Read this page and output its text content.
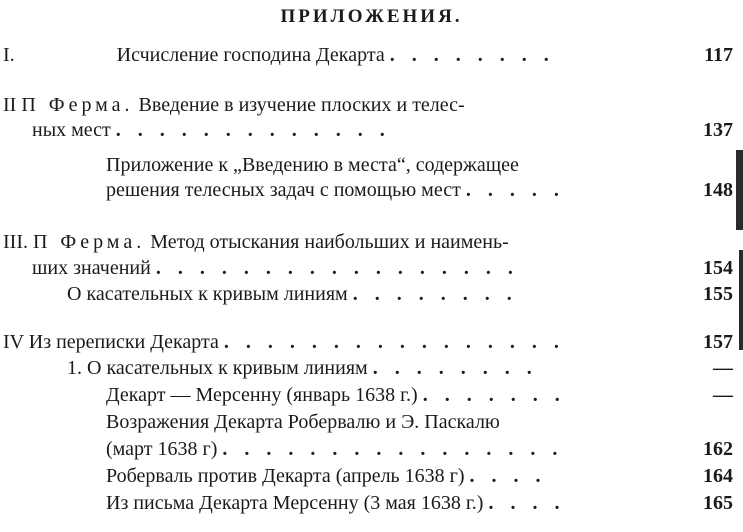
ПРИЛОЖЕНИЯ.
I.	Исчисление господина Декарта . . . . . . . .	117
II П Ферма. Введение в изучение плоских и телес-
ных мест . . . . . . . . . . . . .	137
Приложение к „Введению в места“, содержащее
решения телесных задач с помощью мест . . . . .	148
III. П Ферма. Метод отыскания наибольших и наимень-
ших значений . . . . . . . . . . . . . . . . .	154
О касательных к кривым линиям . . . . . . . .	155
IV Из переписки Декарта . . . . . . . . . . . . . . . .	157
1. О касательных к кривым линиям . . . . . . . .	—
Декарт — Мерсенну (январь 1638 г.) . . . . . . .	—
Возражения Декарта Робервалю и Э. Паскалю
(март 1638 г) . . . . . . . . . . . . . . . .	162
Роберваль против Декарта (апрель 1638 г) . . . .	164
Из письма Декарта Мерсенну (3 мая 1638 г.) . . . .	165
